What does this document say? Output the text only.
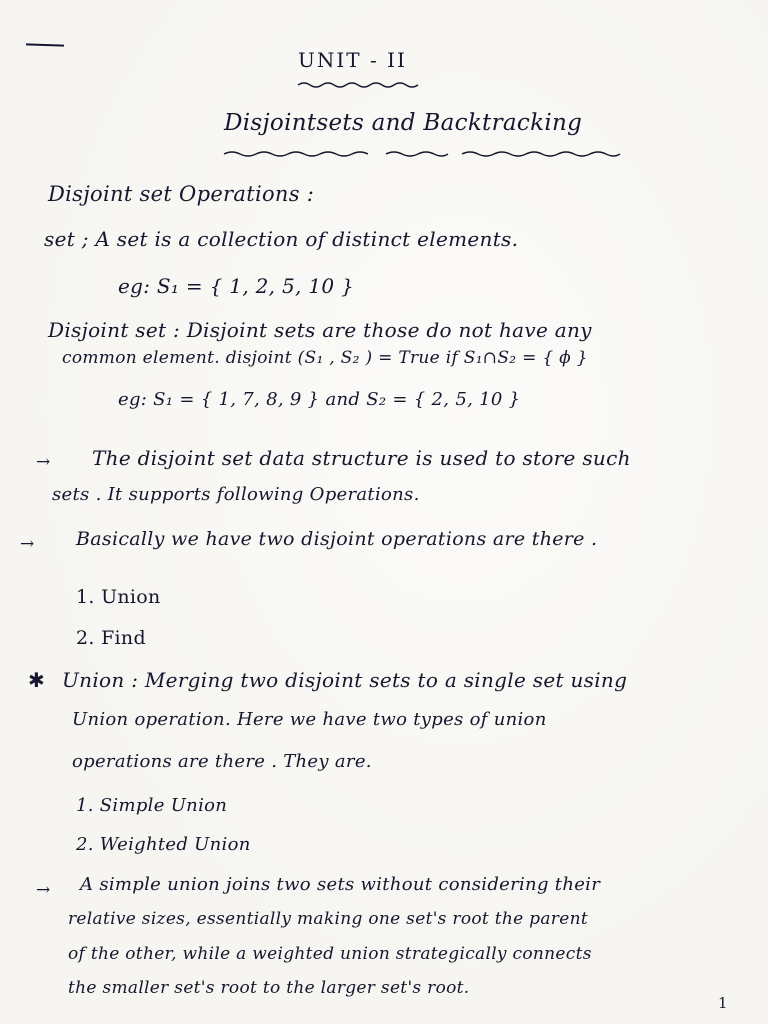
UNIT - II
Disjointsets and Backtracking
Disjoint set Operations :
set ; A set is a collection of distinct elements.
eg: S₁ = { 1, 2, 5, 10 }
Disjoint set : Disjoint sets are those do not have any
common element. disjoint (S₁ , S₂ ) = True if S₁∩S₂ = { ϕ }
eg: S₁ = { 1, 7, 8, 9 } and S₂ = { 2, 5, 10 }
→ The disjoint set data structure is used to store such
sets . It supports following Operations.
→ Basically we have two disjoint operations are there .
1. Union
2. Find
✱ Union : Merging two disjoint sets to a single set using
Union operation. Here we have two types of union
operations are there . They are.
1. Simple Union
2. Weighted Union
→ A simple union joins two sets without considering their
relative sizes, essentially making one set's root the parent
of the other, while a weighted union strategically connects
the smaller set's root to the larger set's root.
1
